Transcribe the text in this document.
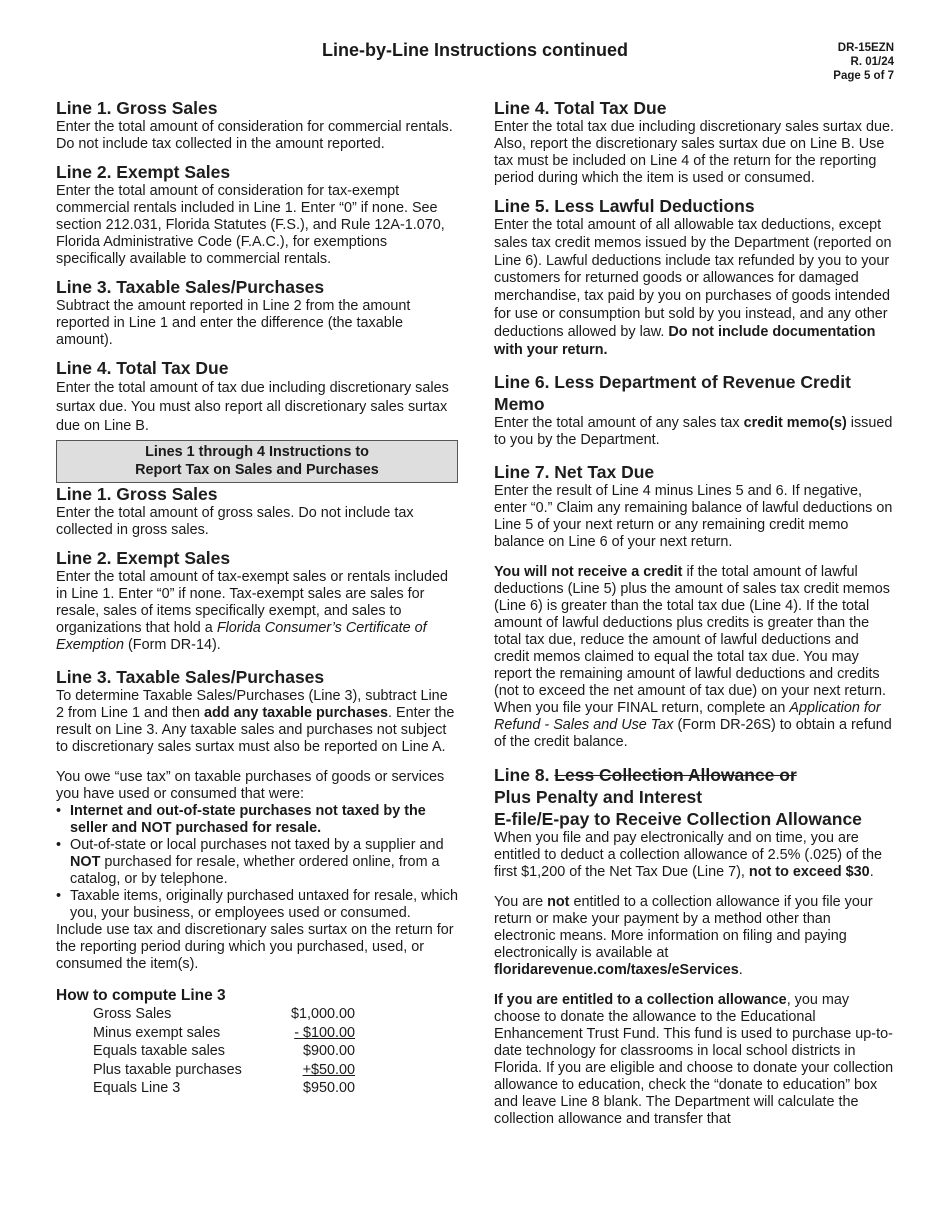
Line-by-Line Instructions continued	DR-15EZN
R. 01/24
Page 5 of 7
Line 1. Gross Sales

Enter the total amount of consideration for commercial rentals. Do not include tax collected in the amount reported.

Line 2. Exempt Sales

Enter the total amount of consideration for tax-exempt commercial rentals included in Line 1. Enter “0” if none. See section 212.031, Florida Statutes (F.S.), and Rule 12A-1.070, Florida Administrative Code (F.A.C.), for exemptions specifically available to commercial rentals.

Line 3. Taxable Sales/Purchases

Subtract the amount reported in Line 2 from the amount reported in Line 1 and enter the difference (the taxable amount).

Line 4. Total Tax Due

Enter the total amount of tax due including discretionary sales surtax due. You must also report all discretionary sales surtax due on Line B.

Lines 1 through 4 Instructions to
Report Tax on Sales and Purchases
Line 1. Gross Sales

Enter the total amount of gross sales. Do not include tax collected in gross sales.

Line 2. Exempt Sales

Enter the total amount of tax-exempt sales or rentals included in Line 1. Enter “0” if none. Tax-exempt sales are sales for resale, sales of items specifically exempt, and sales to organizations that hold a Florida Consumer’s Certificate of Exemption (Form DR-14).

Line 3. Taxable Sales/Purchases

To determine Taxable Sales/Purchases (Line 3), subtract Line 2 from Line 1 and then add any taxable purchases. Enter the result on Line 3. Any taxable sales and purchases not subject to discretionary sales surtax must also be reported on Line A.

You owe “use tax” on taxable purchases of goods or services you have used or consumed that were:

• Internet and out-of-state purchases not taxed by the seller and NOT purchased for resale.
• Out-of-state or local purchases not taxed by a supplier and NOT purchased for resale, whether ordered online, from a catalog, or by telephone.
• Taxable items, originally purchased untaxed for resale, which you, your business, or employees used or consumed.

Include use tax and discretionary sales surtax on the return for the reporting period during which you purchased, used, or consumed the item(s).

How to compute Line 3
Gross Sales	$1,000.00
Minus exempt sales	- $100.00
Equals taxable sales	$900.00
Plus taxable purchases	+$50.00
Equals Line 3	$950.00
Line 4. Total Tax Due

Enter the total tax due including discretionary sales surtax due. Also, report the discretionary sales surtax due on Line B. Use tax must be included on Line 4 of the return for the reporting period during which the item is used or consumed.

Line 5. Less Lawful Deductions

Enter the total amount of all allowable tax deductions, except sales tax credit memos issued by the Department (reported on Line 6). Lawful deductions include tax refunded by you to your customers for returned goods or allowances for damaged merchandise, tax paid by you on purchases of goods intended for use or consumption but sold by you instead, and any other deductions allowed by law. Do not include documentation with your return.

Line 6. Less Department of Revenue Credit Memo

Enter the total amount of any sales tax credit memo(s) issued to you by the Department.

Line 7. Net Tax Due

Enter the result of Line 4 minus Lines 5 and 6. If negative, enter “0.” Claim any remaining balance of lawful deductions on Line 5 of your next return or any remaining credit memo balance on Line 6 of your next return.

You will not receive a credit if the total amount of lawful deductions (Line 5) plus the amount of sales tax credit memos (Line 6) is greater than the total tax due (Line 4). If the total amount of lawful deductions plus credits is greater than the total tax due, reduce the amount of lawful deductions and credit memos claimed to equal the total tax due. You may report the remaining amount of lawful deductions and credits (not to exceed the net amount of tax due) on your next return. When you file your FINAL return, complete an Application for Refund - Sales and Use Tax (Form DR-26S) to obtain a refund of the credit balance.

Line 8. Less Collection Allowance or
Plus Penalty and Interest
E-file/E-pay to Receive Collection Allowance

When you file and pay electronically and on time, you are entitled to deduct a collection allowance of 2.5% (.025) of the first $1,200 of the Net Tax Due (Line 7), not to exceed $30.

You are not entitled to a collection allowance if you file your return or make your payment by a method other than electronic means. More information on filing and paying electronically is available at floridarevenue.com/taxes/eServices.

If you are entitled to a collection allowance, you may choose to donate the allowance to the Educational Enhancement Trust Fund. This fund is used to purchase up-to-date technology for classrooms in local school districts in Florida. If you are eligible and choose to donate your collection allowance to education, check the “donate to education” box and leave Line 8 blank. The Department will calculate the collection allowance and transfer that
